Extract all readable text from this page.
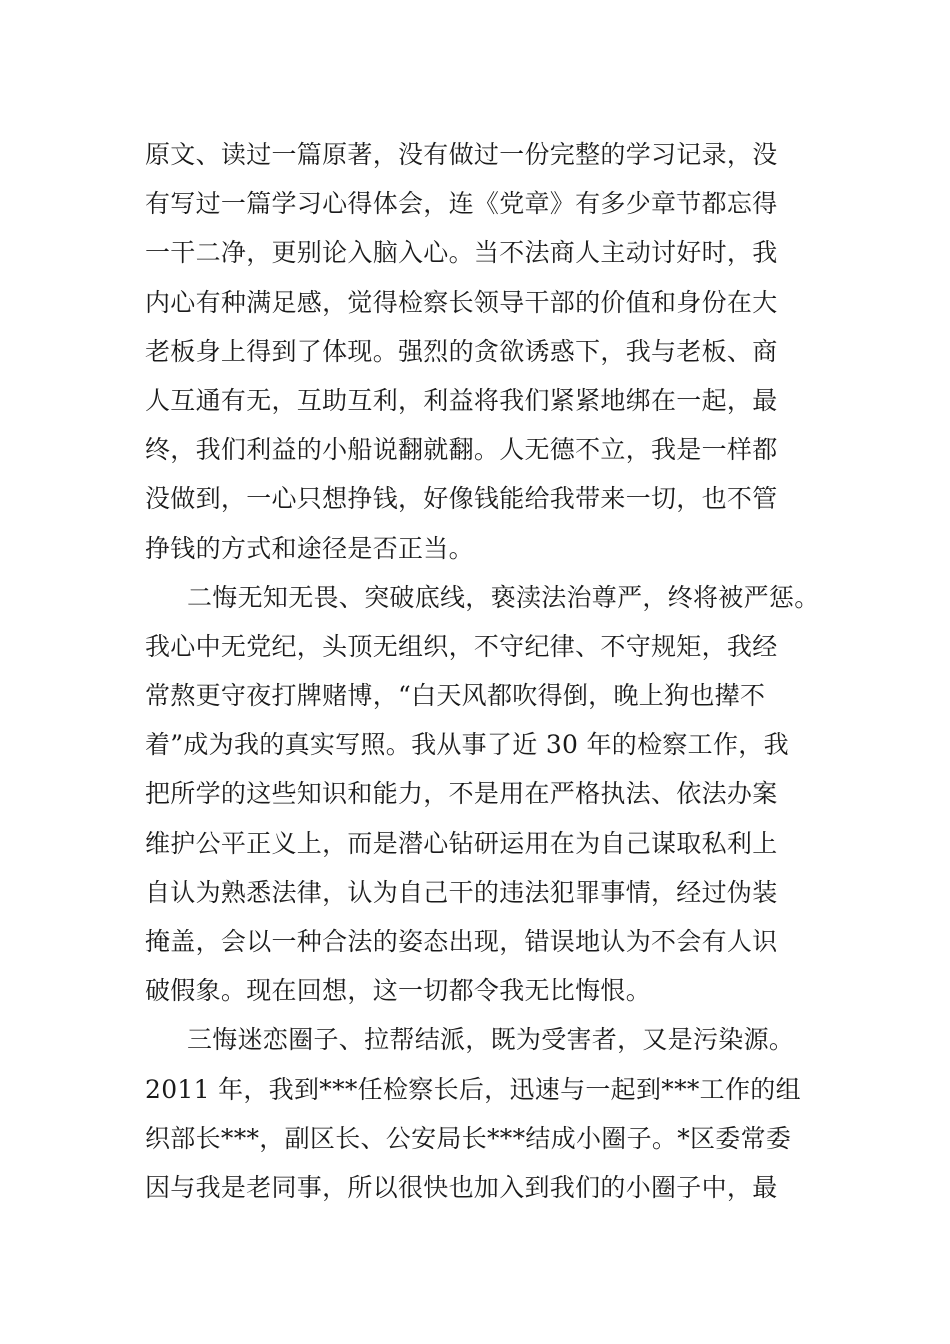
原文、读过一篇原著，没有做过一份完整的学习记录，没
有写过一篇学习心得体会，连《党章》有多少章节都忘得
一干二净，更别论入脑入心。当不法商人主动讨好时，我
内心有种满足感，觉得检察长领导干部的价值和身份在大
老板身上得到了体现。强烈的贪欲诱惑下，我与老板、商
人互通有无，互助互利，利益将我们紧紧地绑在一起，最
终，我们利益的小船说翻就翻。人无德不立，我是一样都
没做到，一心只想挣钱，好像钱能给我带来一切，也不管
挣钱的方式和途径是否正当。
二悔无知无畏、突破底线，亵渎法治尊严，终将被严惩。
我心中无党纪，头顶无组织，不守纪律、不守规矩，我经
常熬更守夜打牌赌博，“白天风都吹得倒，晚上狗也撵不
着”成为我的真实写照。我从事了近 30 年的检察工作，我
把所学的这些知识和能力，不是用在严格执法、依法办案
维护公平正义上，而是潜心钻研运用在为自己谋取私利上
自认为熟悉法律，认为自己干的违法犯罪事情，经过伪装
掩盖，会以一种合法的姿态出现，错误地认为不会有人识
破假象。现在回想，这一切都令我无比悔恨。
三悔迷恋圈子、拉帮结派，既为受害者，又是污染源。
2011 年，我到***任检察长后，迅速与一起到***工作的组
织部长***，副区长、公安局长***结成小圈子。*区委常委
因与我是老同事，所以很快也加入到我们的小圈子中，最
